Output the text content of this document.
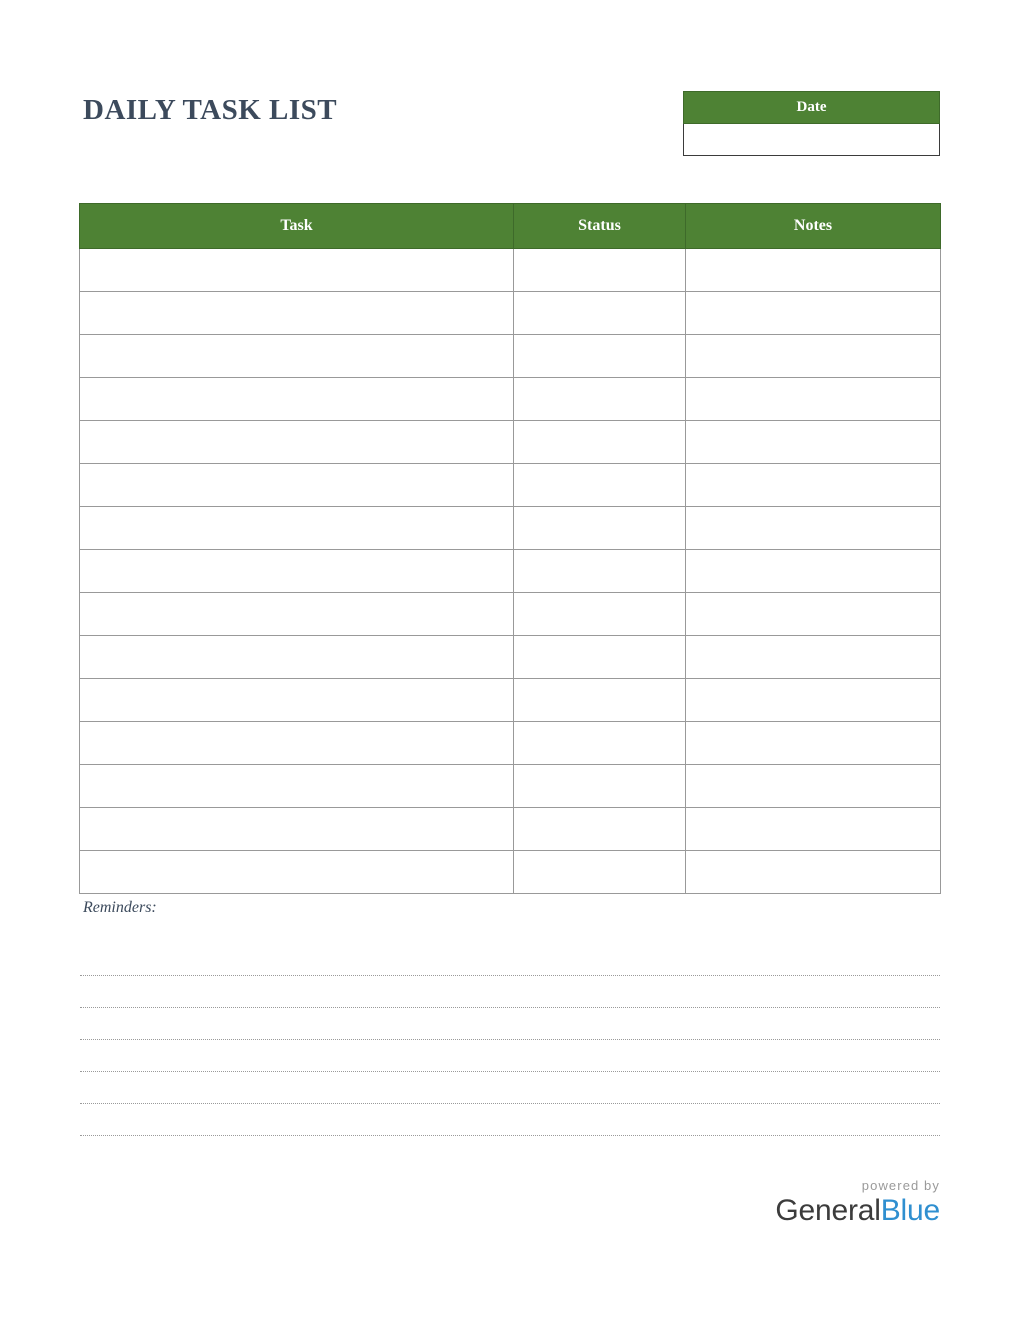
DAILY TASK LIST	Date
Task	Status	Notes

Reminders:
powered by
GeneralBlue
